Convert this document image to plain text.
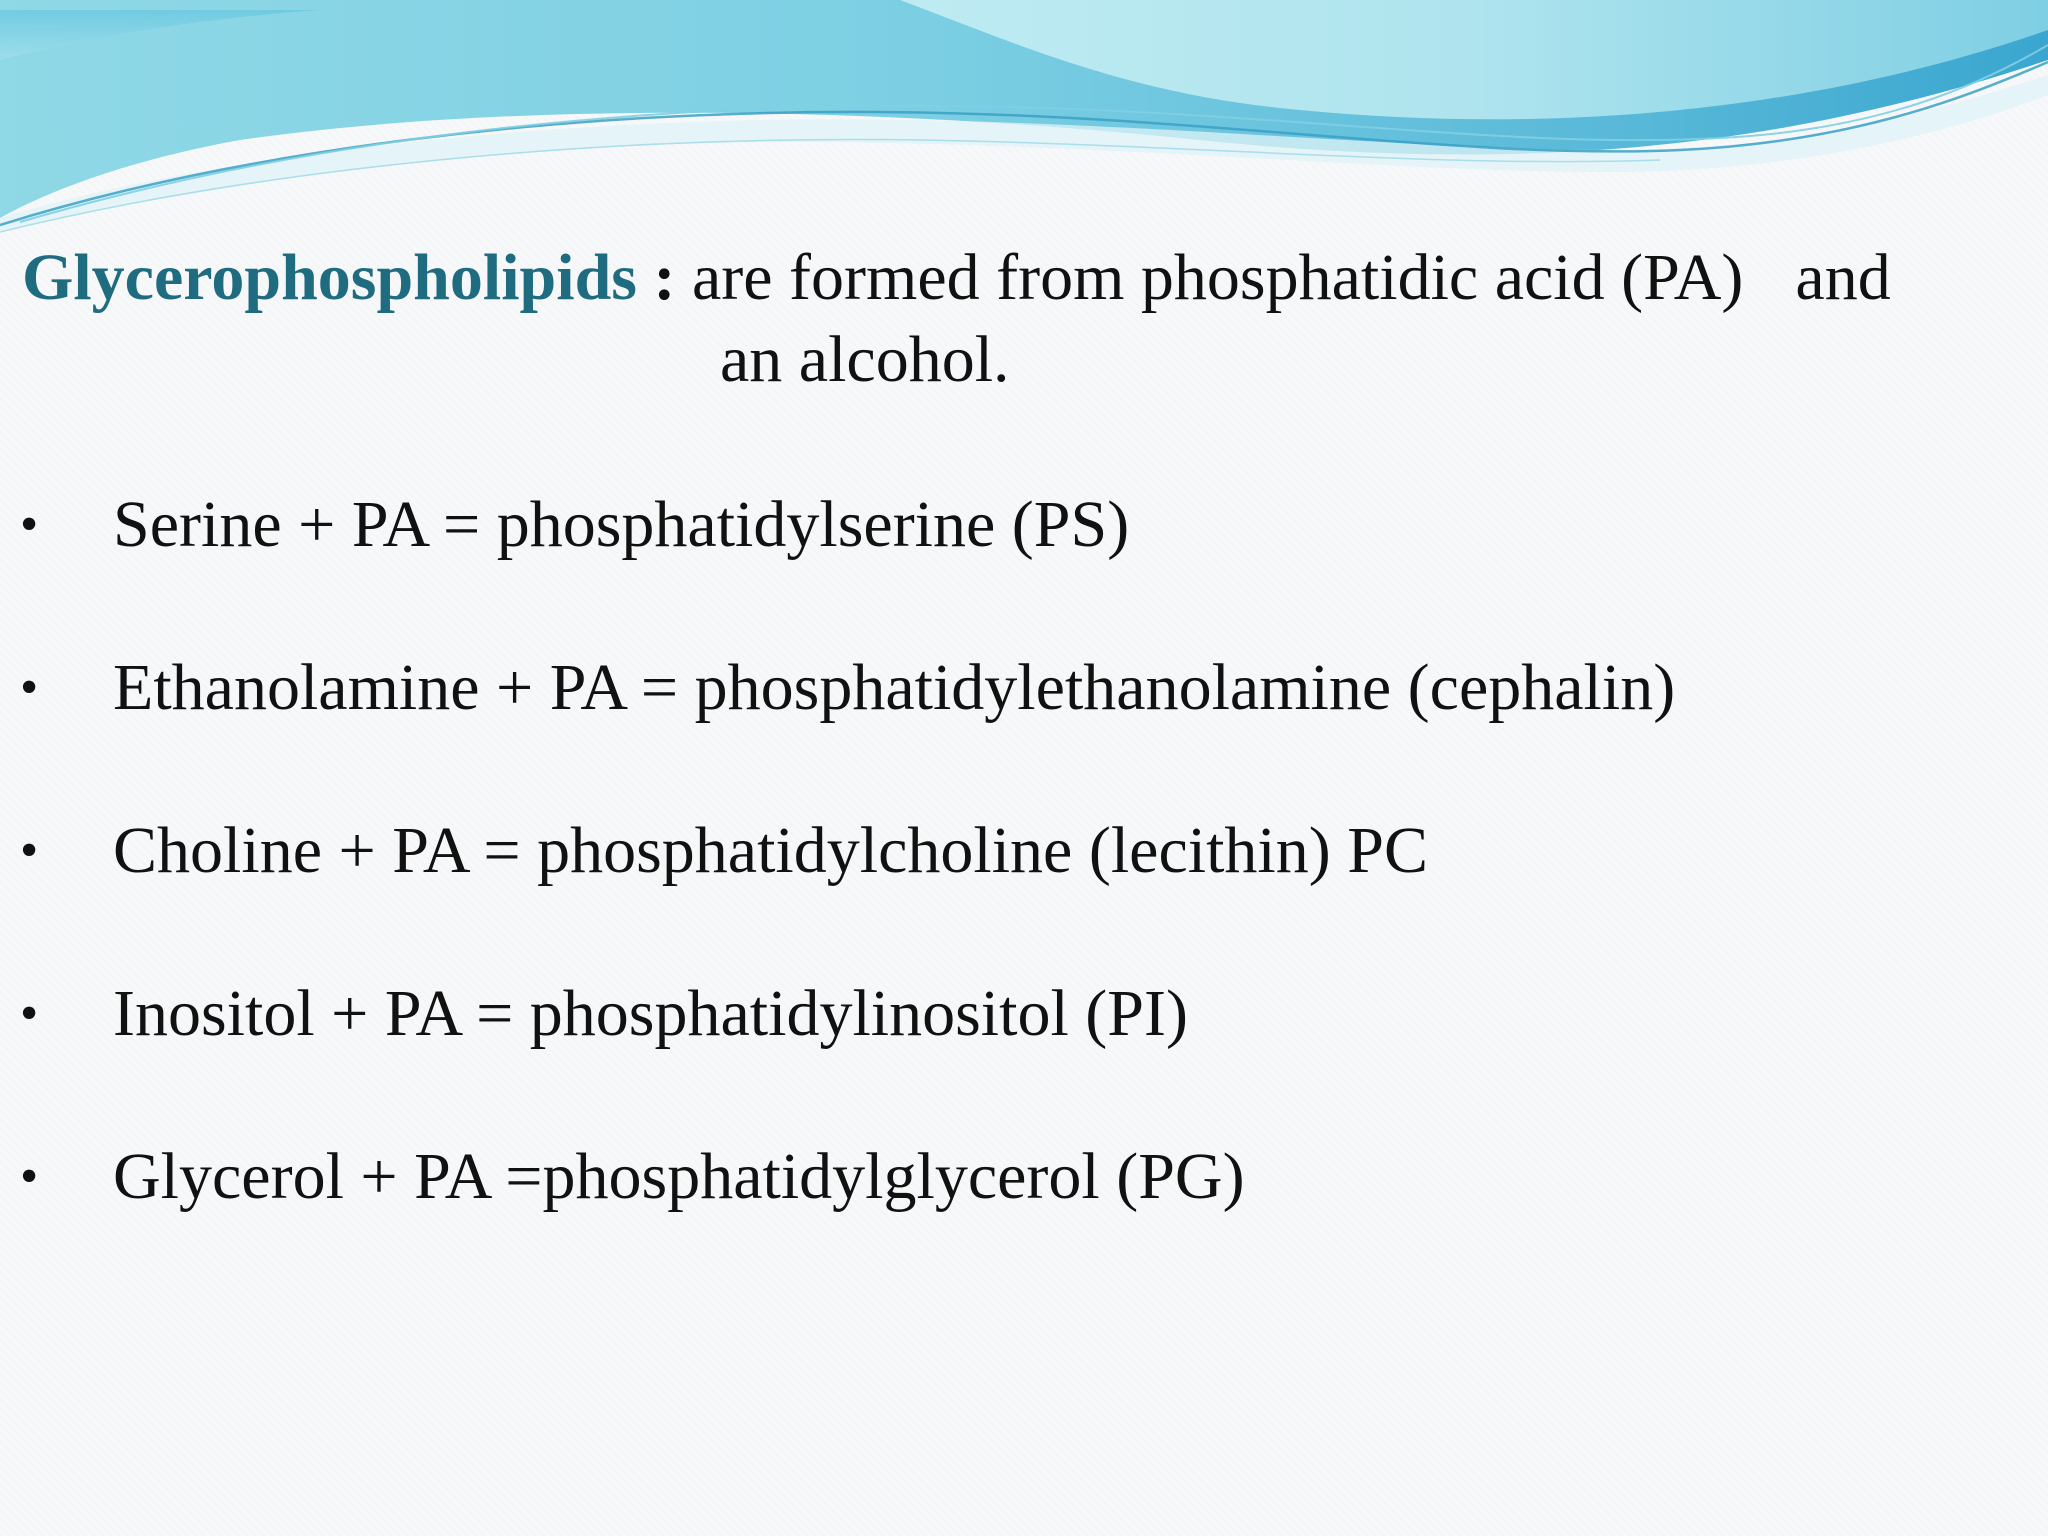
Glycerophospholipids : are formed from phosphatidic acid (PA) and
an alcohol.
• Serine + PA = phosphatidylserine (PS)
• Ethanolamine + PA = phosphatidylethanolamine (cephalin)
• Choline + PA = phosphatidylcholine (lecithin) PC
• Inositol + PA = phosphatidylinositol (PI)
• Glycerol + PA =phosphatidylglycerol (PG)
